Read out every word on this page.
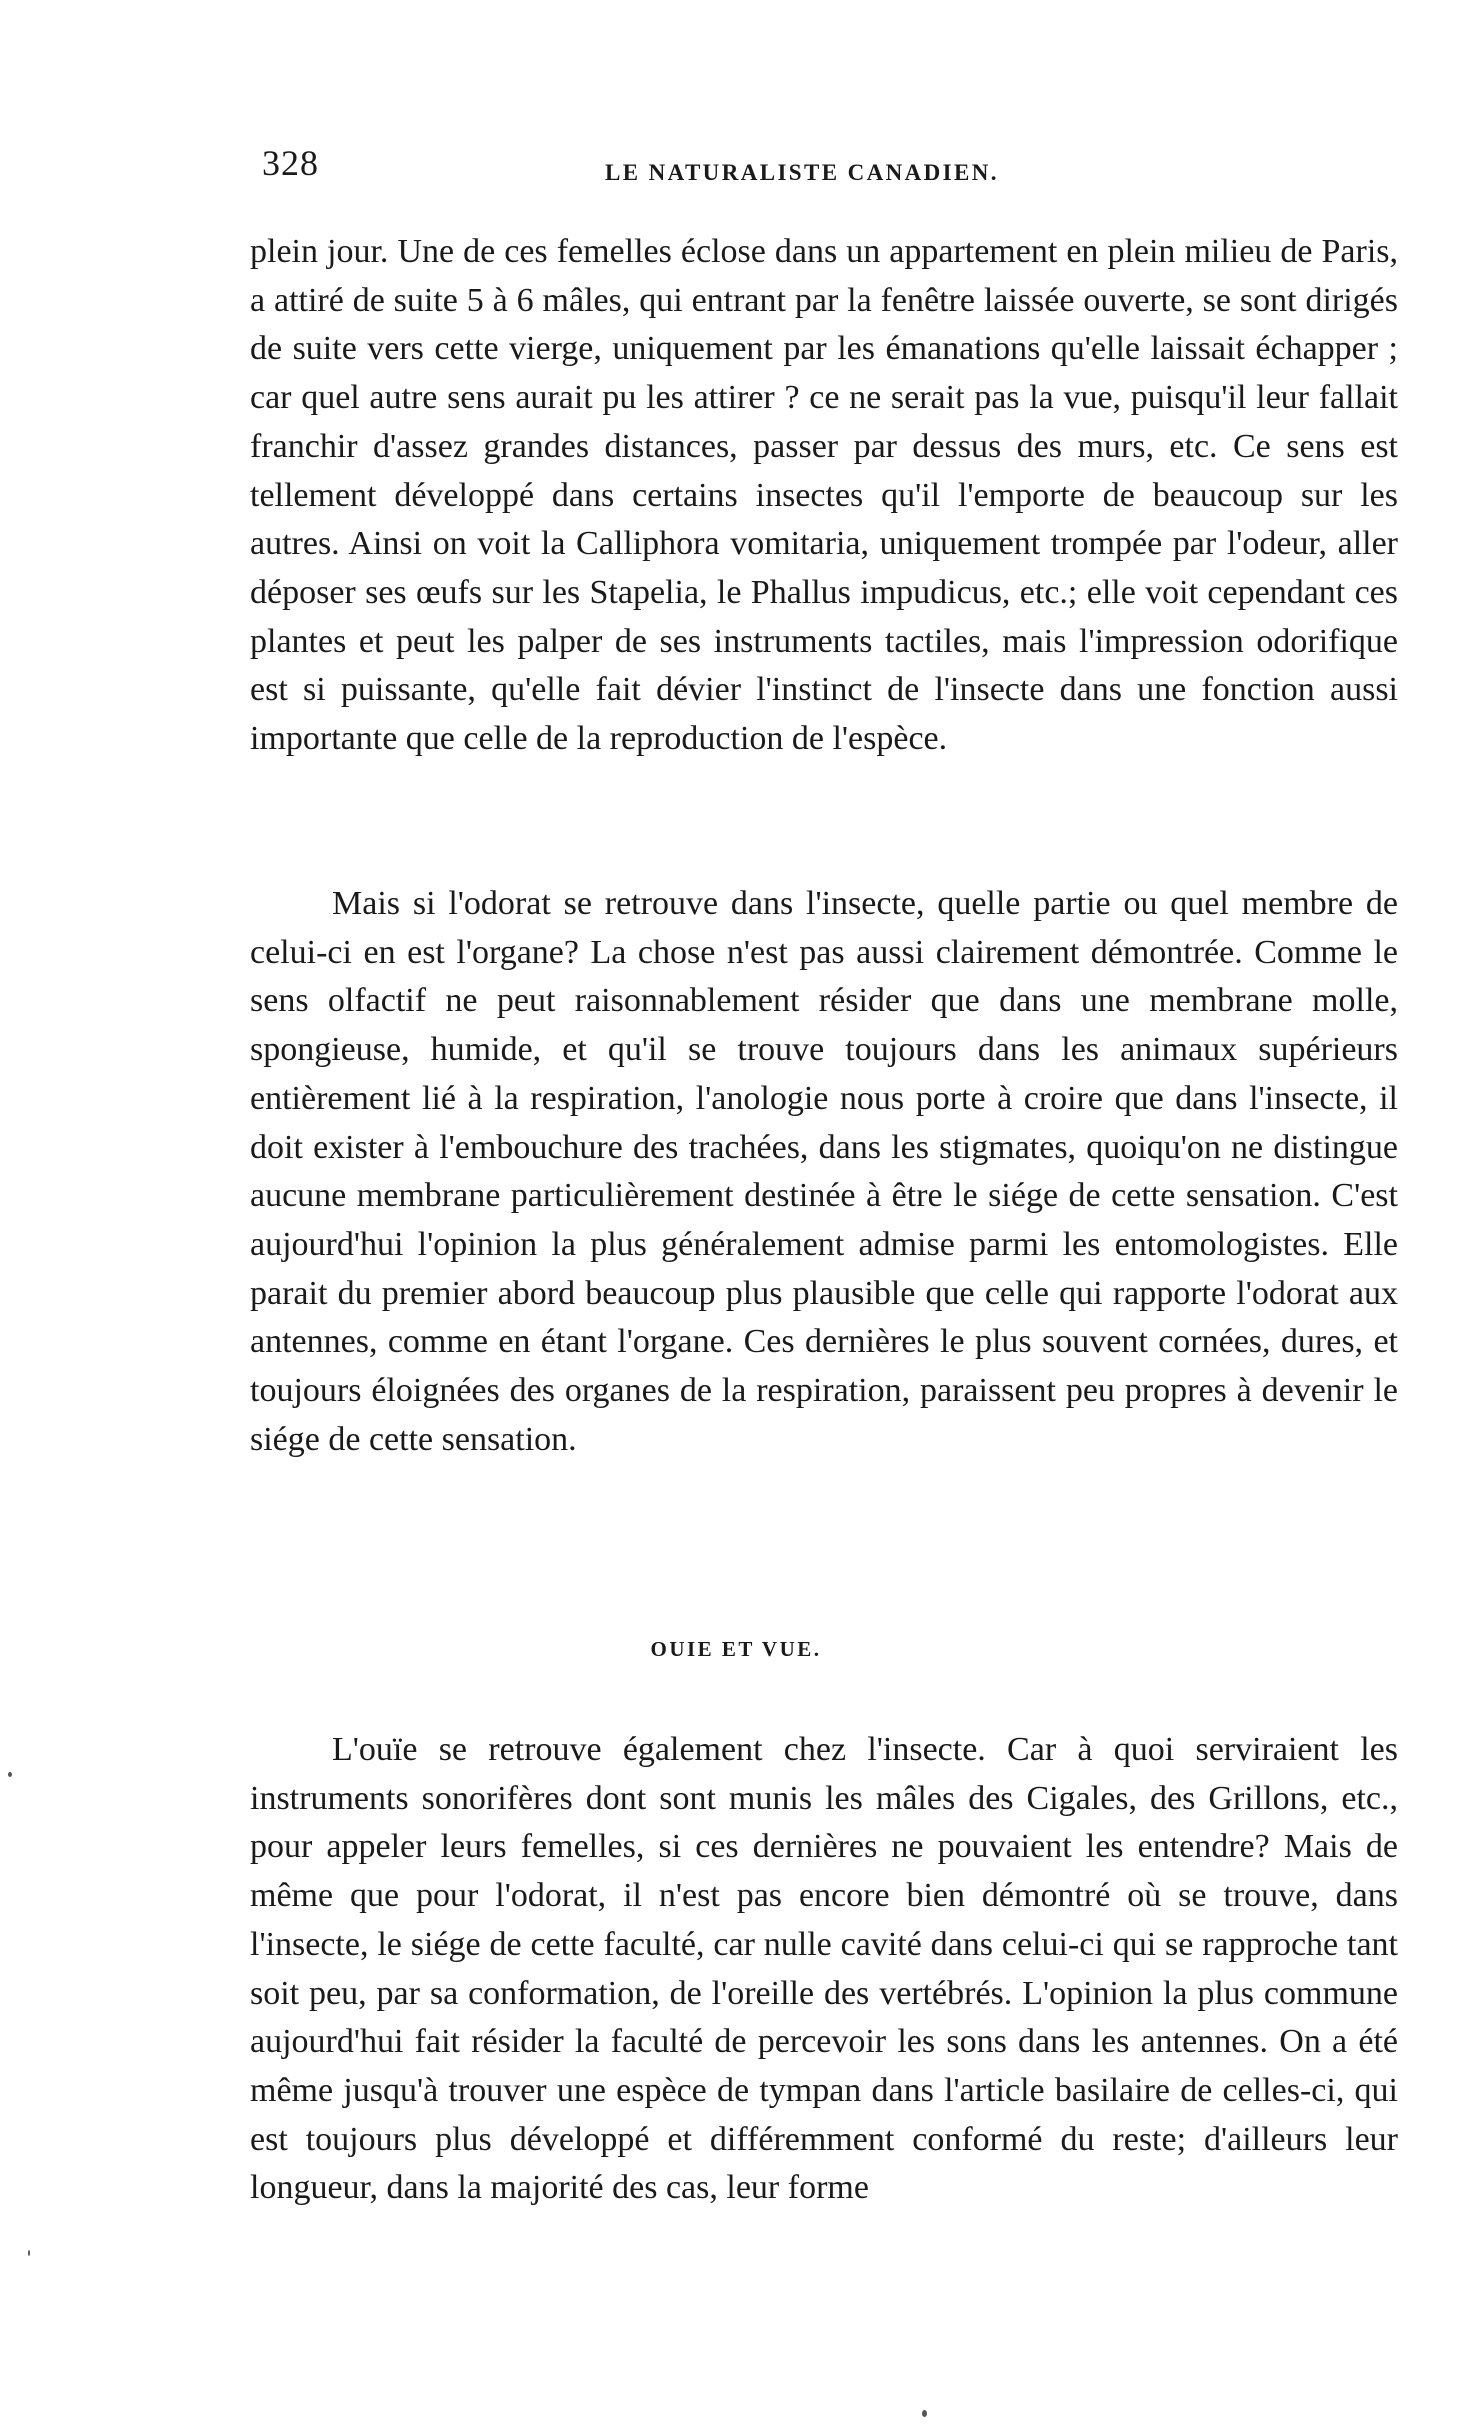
328	LE NATURALISTE CANADIEN.

plein jour. Une de ces femelles éclose dans un appartement en plein milieu de Paris, a attiré de suite 5 à 6 mâles, qui entrant par la fenêtre laissée ouverte, se sont dirigés de suite vers cette vierge, uniquement par les émanations qu'elle laissait échapper ; car quel autre sens aurait pu les attirer ? ce ne serait pas la vue, puisqu'il leur fallait franchir d'assez grandes distances, passer par dessus des murs, etc. Ce sens est tellement développé dans certains insectes qu'il l'emporte de beaucoup sur les autres. Ainsi on voit la Calliphora vomitaria, uniquement trompée par l'odeur, aller déposer ses œufs sur les Stapelia, le Phallus impudicus, etc.; elle voit cependant ces plantes et peut les palper de ses instruments tactiles, mais l'impression odorifique est si puissante, qu'elle fait dévier l'instinct de l'insecte dans une fonction aussi importante que celle de la reproduction de l'espèce.

Mais si l'odorat se retrouve dans l'insecte, quelle partie ou quel membre de celui-ci en est l'organe? La chose n'est pas aussi clairement démontrée. Comme le sens olfactif ne peut raisonnablement résider que dans une membrane molle, spongieuse, humide, et qu'il se trouve toujours dans les animaux supérieurs entièrement lié à la respiration, l'anologie nous porte à croire que dans l'insecte, il doit exister à l'embouchure des trachées, dans les stigmates, quoiqu'on ne distingue aucune membrane particulièrement destinée à être le siége de cette sensation. C'est aujourd'hui l'opinion la plus généralement admise parmi les entomologistes. Elle parait du premier abord beaucoup plus plausible que celle qui rapporte l'odorat aux antennes, comme en étant l'organe. Ces dernières le plus souvent cornées, dures, et toujours éloignées des organes de la respiration, paraissent peu propres à devenir le siége de cette sensation.

OUIE ET VUE.

L'ouïe se retrouve également chez l'insecte. Car à quoi serviraient les instruments sonorifères dont sont munis les mâles des Cigales, des Grillons, etc., pour appeler leurs femelles, si ces dernières ne pouvaient les entendre? Mais de même que pour l'odorat, il n'est pas encore bien démontré où se trouve, dans l'insecte, le siége de cette faculté, car nulle cavité dans celui-ci qui se rapproche tant soit peu, par sa conformation, de l'oreille des vertébrés. L'opinion la plus commune aujourd'hui fait résider la faculté de percevoir les sons dans les antennes. On a été même jusqu'à trouver une espèce de tympan dans l'article basilaire de celles-ci, qui est toujours plus développé et différemment conformé du reste; d'ailleurs leur longueur, dans la majorité des cas, leur forme
